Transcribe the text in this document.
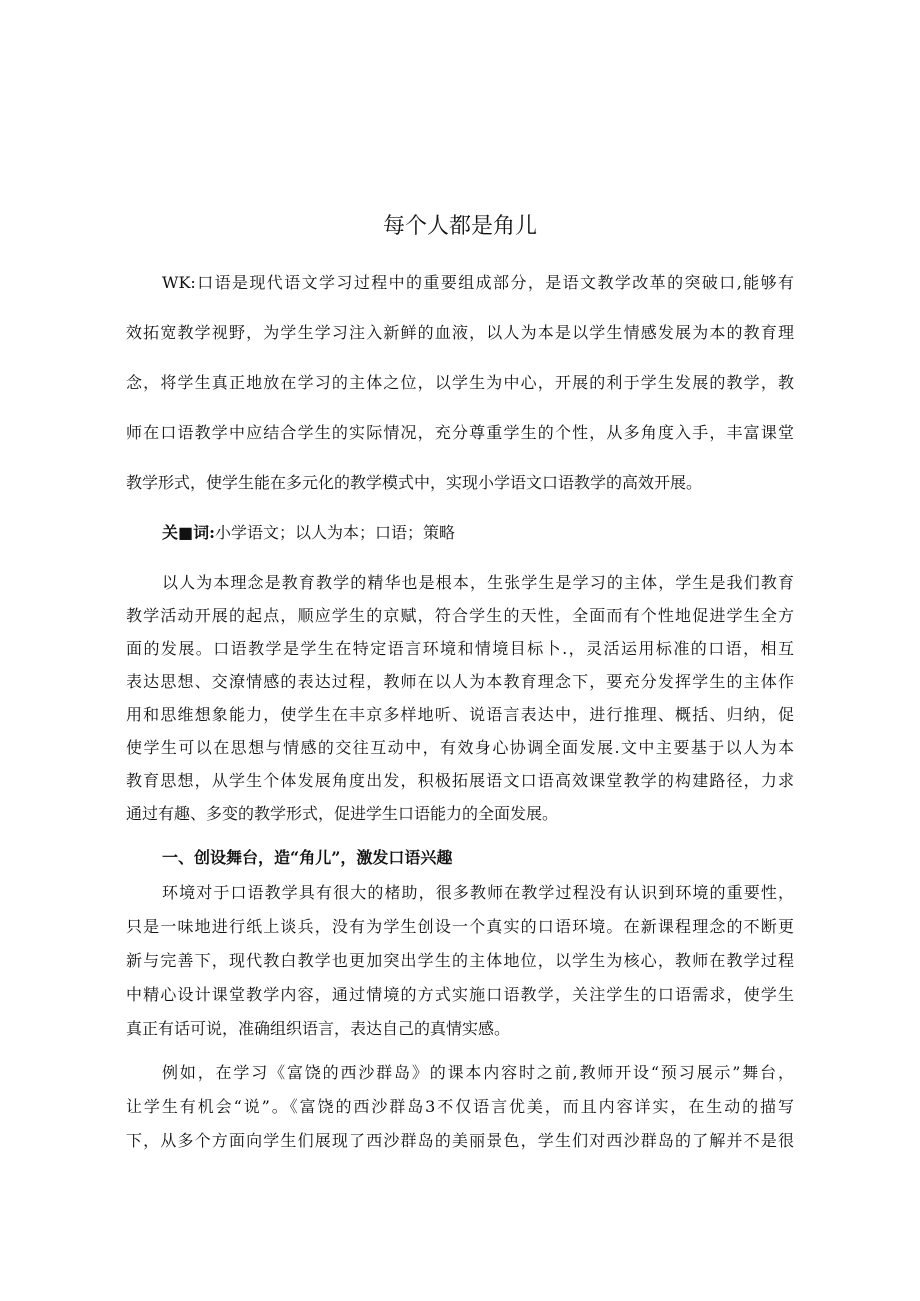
每个人都是角儿
WK:口语是现代语文学习过程中的重要组成部分，是语文教学改革的突破口,能够有
效拓宽教学视野，为学生学习注入新鲜的血液，以人为本是以学生情感发展为本的教育理
念，将学生真正地放在学习的主体之位，以学生为中心，开展的利于学生发展的教学，教
师在口语教学中应结合学生的实际情况，充分尊重学生的个性，从多角度入手，丰富课堂
教学形式，使学生能在多元化的教学模式中，实现小学语文口语教学的高效开展。
关■词:小学语文；以人为本；口语；策略
以人为本理念是教育教学的精华也是根本，生张学生是学习的主体，学生是我们教育
教学活动开展的起点，顺应学生的京赋，符合学生的天性，全面而有个性地促进学生全方
面的发展。口语教学是学生在特定语言环境和情境目标卜.，灵活运用标准的口语，相互
表达思想、交潦情感的表达过程，教师在以人为本教育理念下，要充分发挥学生的主体作
用和思维想象能力，使学生在丰京多样地听、说语言表达中，进行推理、概括、归纳，促
使学生可以在思想与情感的交往互动中，有效身心协调全面发展.文中主要基于以人为本
教育思想，从学生个体发展角度出发，积极拓展语文口语高效课堂教学的构建路径，力求
通过有趣、多变的教学形式，促进学生口语能力的全面发展。
一、创设舞台，造“角儿”，激发口语兴趣
环境对于口语教学具有很大的楮助，很多教师在教学过程没有认识到环境的重要性，
只是一味地进行纸上谈兵，没有为学生创设一个真实的口语环境。在新课程理念的不断更
新与完善下，现代教白教学也更加突出学生的主体地位，以学生为核心，教师在教学过程
中精心设计课堂教学内容，通过情境的方式实施口语教学，关注学生的口语需求，使学生
真正有话可说，准确组织语言，表达自己的真情实感。
例如，在学习《富饶的西沙群岛》的课本内容时之前,教师开设“预习展示”舞台，
让学生有机会“说”。《富饶的西沙群岛3不仅语言优美，而且内容详实，在生动的描写
下，从多个方面向学生们展现了西沙群岛的美丽景色，学生们对西沙群岛的了解并不是很
